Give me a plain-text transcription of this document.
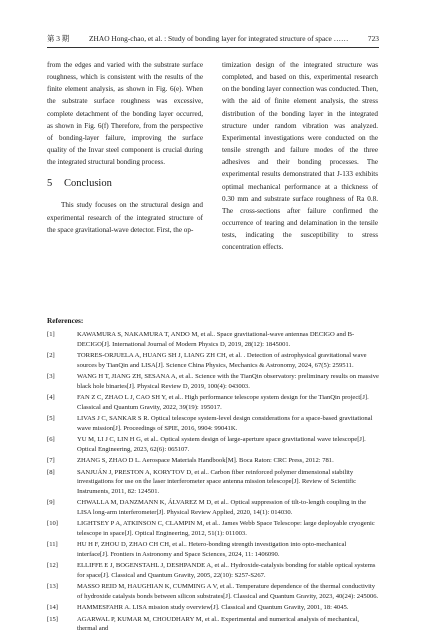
第 3 期	ZHAO Hong-chao, et al. : Study of bonding layer for integrated structure of space ……	723

from the edges and varied with the substrate surface roughness, which is consistent with the results of the finite element analysis, as shown in Fig. 6(e). When the substrate surface roughness was excessive, complete detachment of the bonding layer occurred, as shown in Fig. 6(f) Therefore, from the perspective of bonding-layer failure, improving the surface quality of the Invar steel component is crucial during the integrated structural bonding process.

5 Conclusion

This study focuses on the structural design and experimental research of the integrated structure of the space gravitational-wave detector. First, the op-

timization design of the integrated structure was completed, and based on this, experimental research on the bonding layer connection was conducted. Then, with the aid of finite element analysis, the stress distribution of the bonding layer in the integrated structure under random vibration was analyzed. Experimental investigations were conducted on the tensile strength and failure modes of the three adhesives and their bonding processes. The experimental results demonstrated that J-133 exhibits optimal mechanical performance at a thickness of 0.30 mm and substrate surface roughness of Ra 0.8. The cross-sections after failure confirmed the occurrence of tearing and delamination in the tensile tests, indicating the susceptibility to stress concentration effects.

References:
[1]	KAWAMURA S, NAKAMURA T, ANDO M, et al.. Space gravitational-wave antennas DECIGO and B-DECIGO[J]. International Journal of Modern Physics D, 2019, 28(12): 1845001.
[2]	TORRES-ORJUELA A, HUANG SH J, LIANG ZH CH, et al. . Detection of astrophysical gravitational wave sources by TianQin and LISA[J]. Science China Physics, Mechanics & Astronomy, 2024, 67(5): 259511.
[3]	WANG H T, JIANG ZH, SESANA A, et al.. Science with the TianQin observatory: preliminary results on massive black hole binaries[J]. Physical Review D, 2019, 100(4): 043003.
[4]	FAN Z C, ZHAO L J, CAO SH Y, et al.. High performance telescope system design for the TianQin project[J]. Classical and Quantum Gravity, 2022, 39(19): 195017.
[5]	LIVAS J C, SANKAR S R. Optical telescope system-level design considerations for a space-based gravitational wave mission[J]. Proceedings of SPIE, 2016, 9904: 99041K.
[6]	YU M, LI J C, LIN H G, et al.. Optical system design of large-aperture space gravitational wave telescope[J]. Optical Engineering, 2023, 62(6): 065107.
[7]	ZHANG S, ZHAO D L. Aerospace Materials Handbook[M]. Boca Raton: CRC Press, 2012: 781.
[8]	SANJUÁN J, PRESTON A, KORYTOV D, et al.. Carbon fiber reinforced polymer dimensional stability investigations for use on the laser interferometer space antenna mission telescope[J]. Review of Scientific Instruments, 2011, 82: 124501.
[9]	CHWALLA M, DANZMANN K, ÁLVAREZ M D, et al.. Optical suppression of tilt-to-length coupling in the LISA long-arm interferometer[J]. Physical Review Applied, 2020, 14(1): 014030.
[10]	LIGHTSEY P A, ATKINSON C, CLAMPIN M, et al.. James Webb Space Telescope: large deployable cryogenic telescope in space[J]. Optical Engineering, 2012, 51(1): 011003.
[11]	HU H F, ZHOU D, ZHAO CH CH, et al.. Hetero-bonding strength investigation into opto-mechanical interface[J]. Frontiers in Astronomy and Space Sciences, 2024, 11: 1406090.
[12]	ELLIFFE E J, BOGENSTAHL J, DESHPANDE A, et al.. Hydroxide-catalysis bonding for stable optical systems for space[J]. Classical and Quantum Gravity, 2005, 22(10): S257-S267.
[13]	MASSO REID M, HAUGHIAN K, CUMMING A V, et al.. Temperature dependence of the thermal conductivity of hydroxide catalysis bonds between silicon substrates[J]. Classical and Quantum Gravity, 2023, 40(24): 245006.
[14]	HAMMESFAHR A. LISA mission study overview[J]. Classical and Quantum Gravity, 2001, 18: 4045.
[15]	AGARWAL P, KUMAR M, CHOUDHARY M, et al.. Experimental and numerical analysis of mechanical, thermal and
